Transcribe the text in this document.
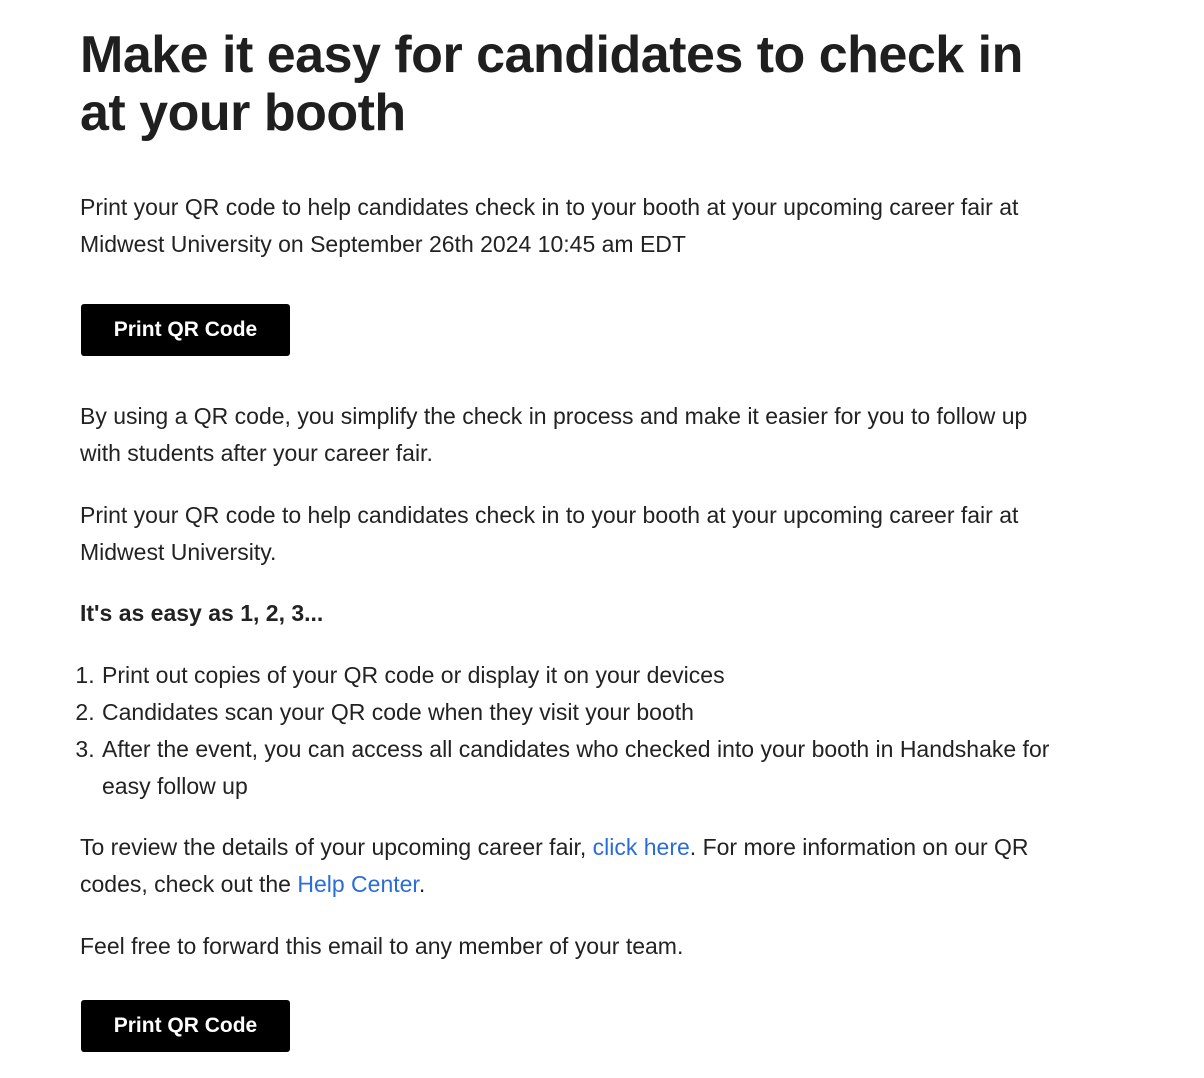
Make it easy for candidates to check in at your booth

Print your QR code to help candidates check in to your booth at your upcoming career fair at Midwest University on September 26th 2024 10:45 am EDT

Print QR Code

By using a QR code, you simplify the check in process and make it easier for you to follow up with students after your career fair.

Print your QR code to help candidates check in to your booth at your upcoming career fair at Midwest University.

It's as easy as 1, 2, 3...

1. Print out copies of your QR code or display it on your devices
2. Candidates scan your QR code when they visit your booth
3. After the event, you can access all candidates who checked into your booth in Handshake for easy follow up

To review the details of your upcoming career fair, click here. For more information on our QR codes, check out the Help Center.

Feel free to forward this email to any member of your team.

Print QR Code
